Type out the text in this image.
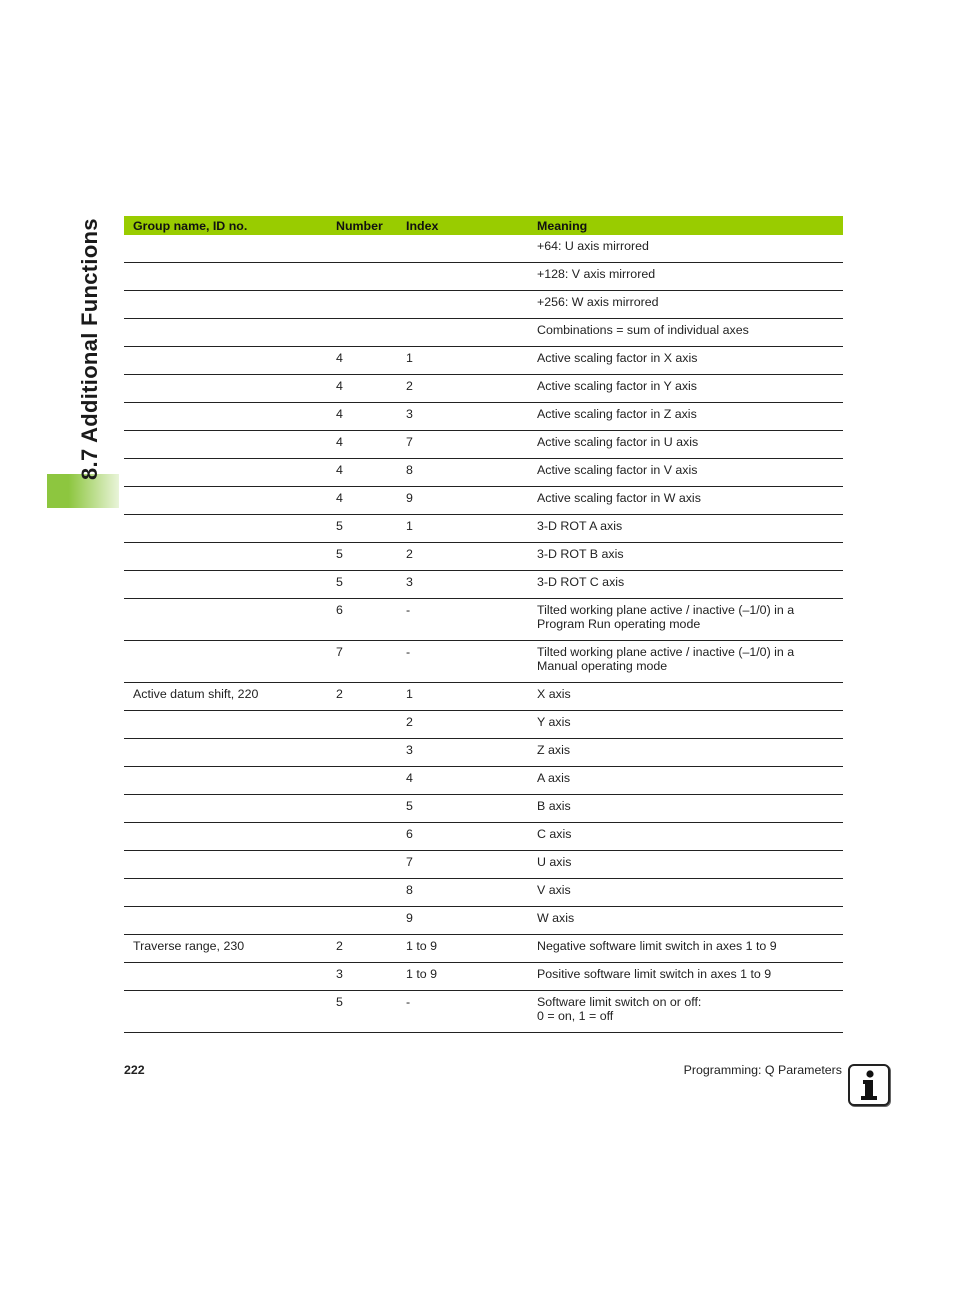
8.7 Additional Functions	Group name, ID no.	Number	Index	Meaning
			+64: U axis mirrored
			+128: V axis mirrored
			+256: W axis mirrored
			Combinations = sum of individual axes
	4	1	Active scaling factor in X axis
	4	2	Active scaling factor in Y axis
	4	3	Active scaling factor in Z axis
	4	7	Active scaling factor in U axis
	4	8	Active scaling factor in V axis
	4	9	Active scaling factor in W axis
	5	1	3-D ROT A axis
	5	2	3-D ROT B axis
	5	3	3-D ROT C axis
	6	-	Tilted working plane active / inactive (–1/0) in a
Program Run operating mode
	7	-	Tilted working plane active / inactive (–1/0) in a
Manual operating mode
Active datum shift, 220	2	1	X axis
		2	Y axis
		3	Z axis
		4	A axis
		5	B axis
		6	C axis
		7	U axis
		8	V axis
		9	W axis
Traverse range, 230	2	1 to 9	Negative software limit switch in axes 1 to 9
	3	1 to 9	Positive software limit switch in axes 1 to 9
	5	-	Software limit switch on or off:
0 = on, 1 = off
222	Programming: Q Parameters
